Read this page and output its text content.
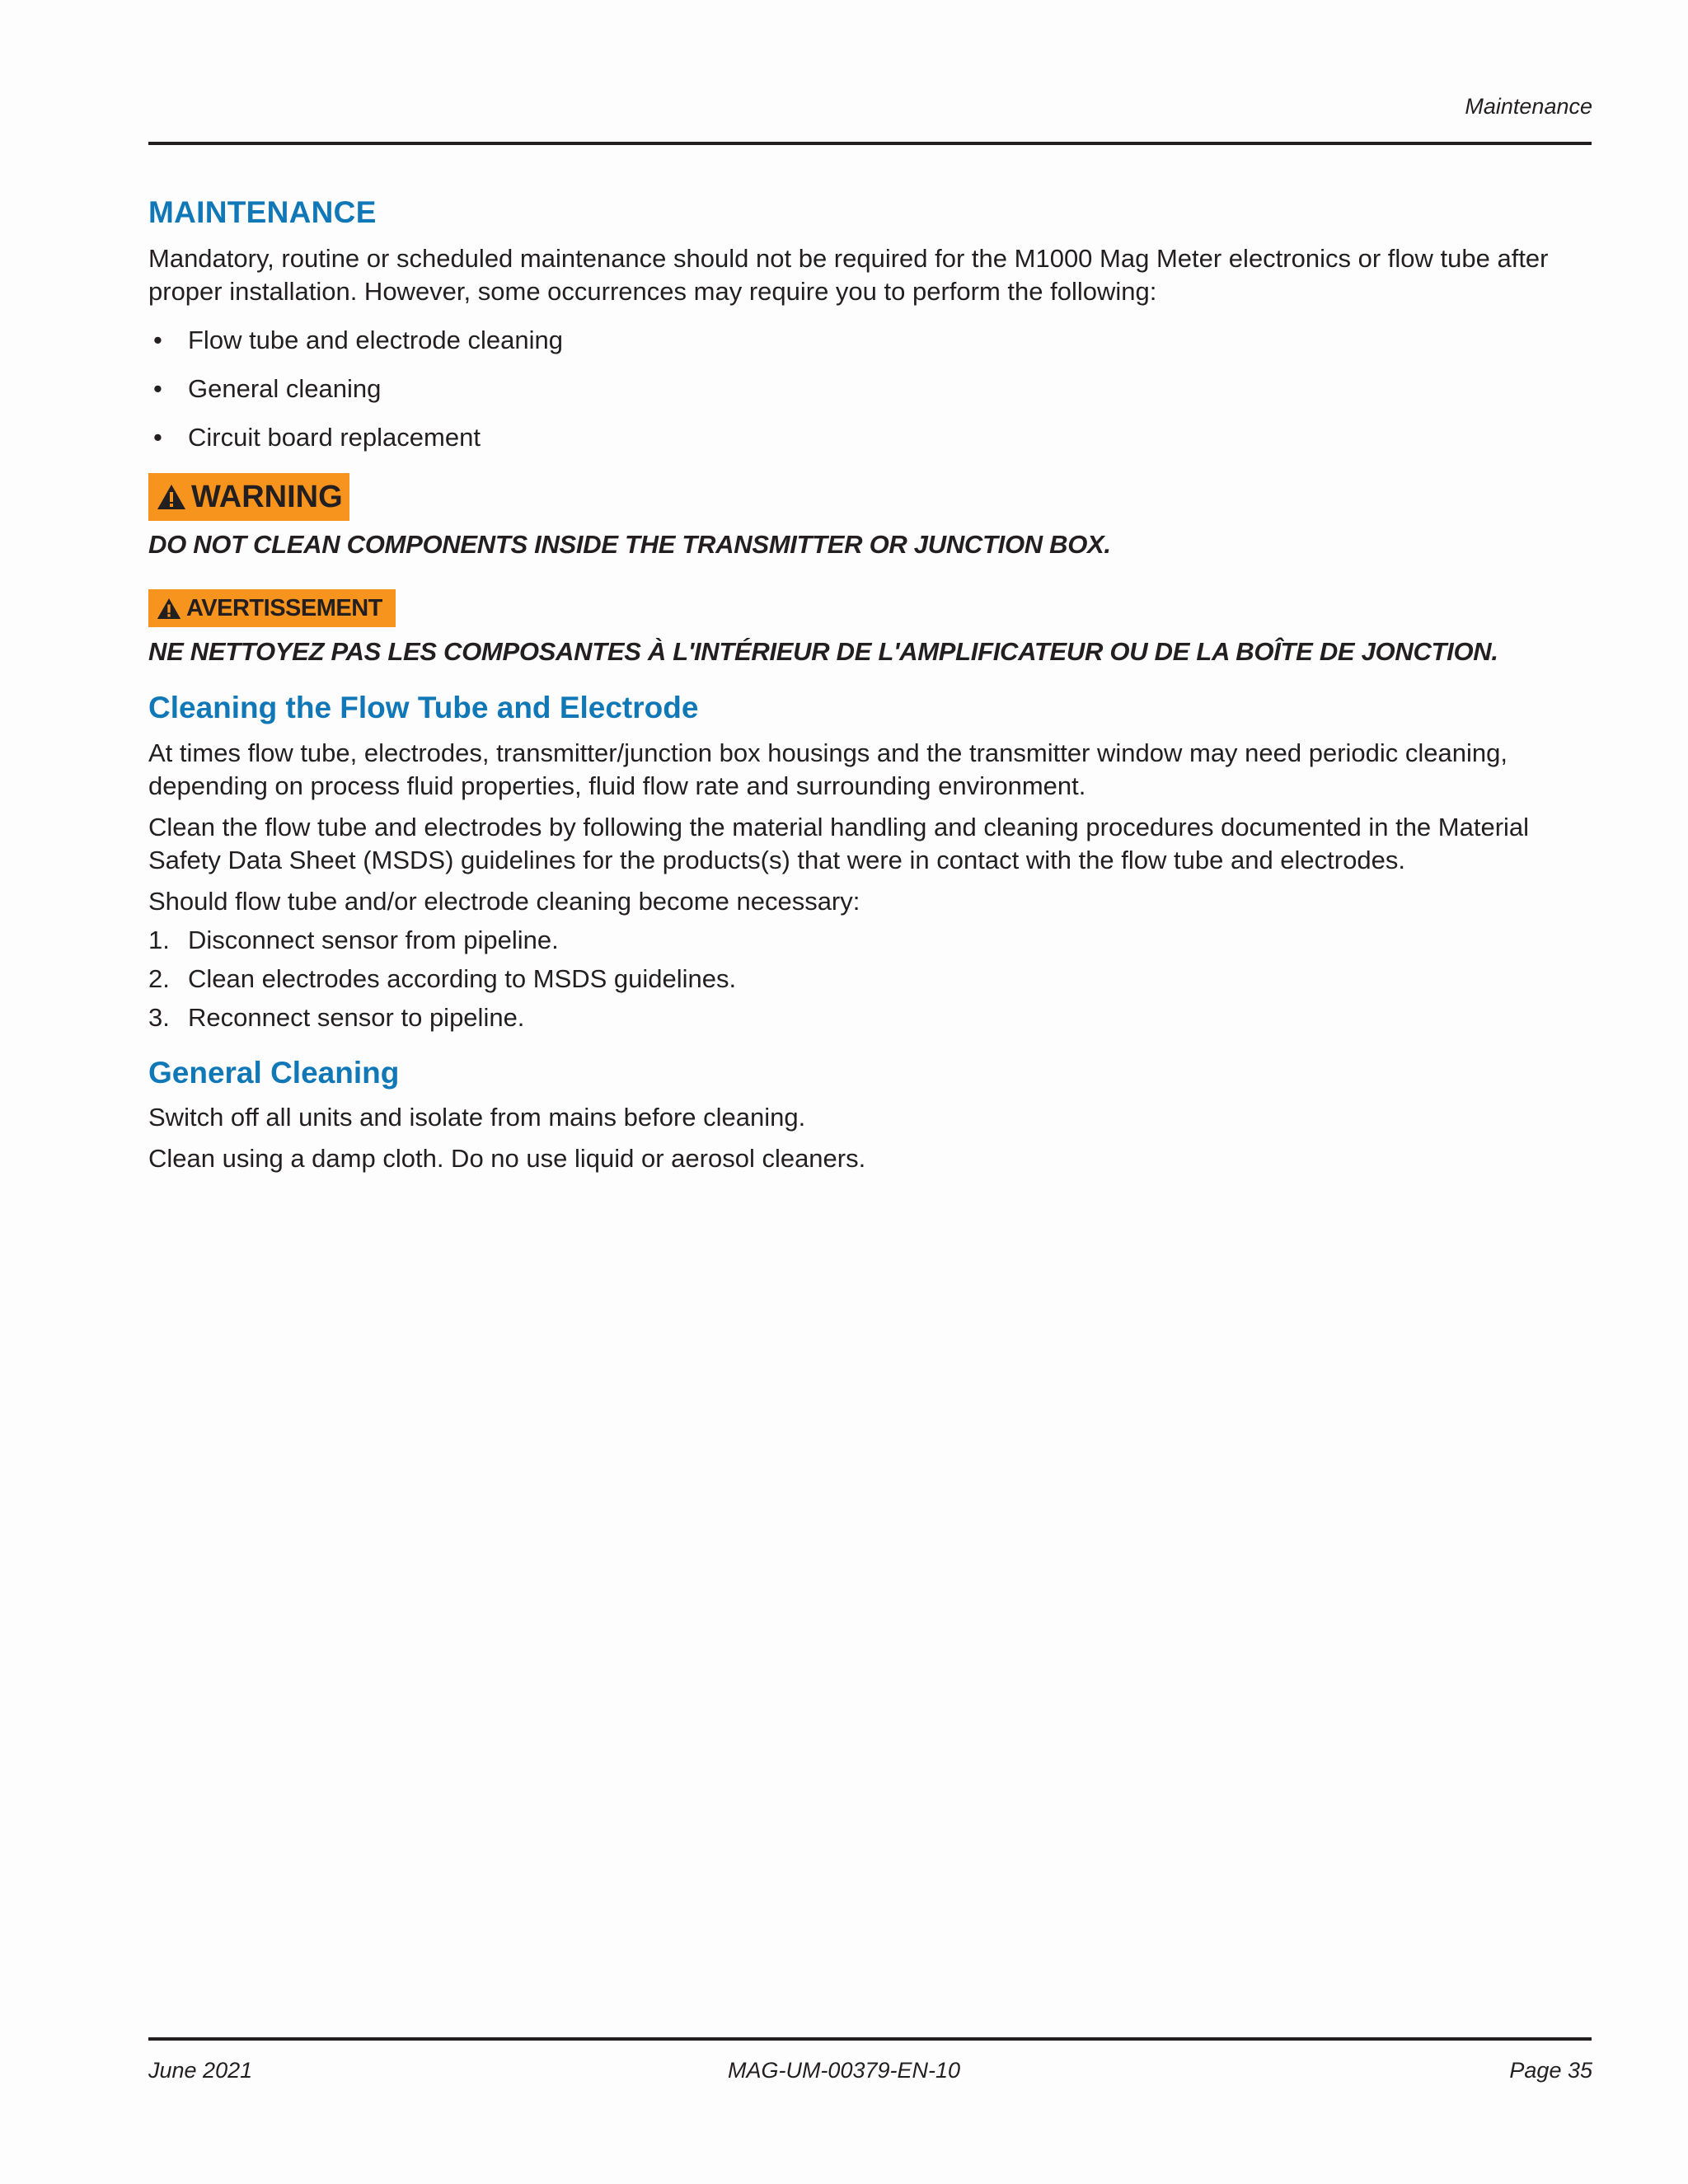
Maintenance
MAINTENANCE

Mandatory, routine or scheduled maintenance should not be required for the M1000 Mag Meter electronics or flow tube after proper installation. However, some occurrences may require you to perform the following:

• Flow tube and electrode cleaning
• General cleaning
• Circuit board replacement
WARNING

DO NOT CLEAN COMPONENTS INSIDE THE TRANSMITTER OR JUNCTION BOX.

AVERTISSEMENT

NE NETTOYEZ PAS LES COMPOSANTES À L'INTÉRIEUR DE L'AMPLIFICATEUR OU DE LA BOÎTE DE JONCTION.

Cleaning the Flow Tube and Electrode

At times flow tube, electrodes, transmitter/junction box housings and the transmitter window may need periodic cleaning, depending on process fluid properties, fluid flow rate and surrounding environment.

Clean the flow tube and electrodes by following the material handling and cleaning procedures documented in the Material Safety Data Sheet (MSDS) guidelines for the products(s) that were in contact with the flow tube and electrodes.

Should flow tube and/or electrode cleaning become necessary:

1. Disconnect sensor from pipeline.
2. Clean electrodes according to MSDS guidelines.
3. Reconnect sensor to pipeline.
General Cleaning

Switch off all units and isolate from mains before cleaning.

Clean using a damp cloth. Do no use liquid or aerosol cleaners.

June 2021	MAG-UM-00379-EN-10	Page 35
